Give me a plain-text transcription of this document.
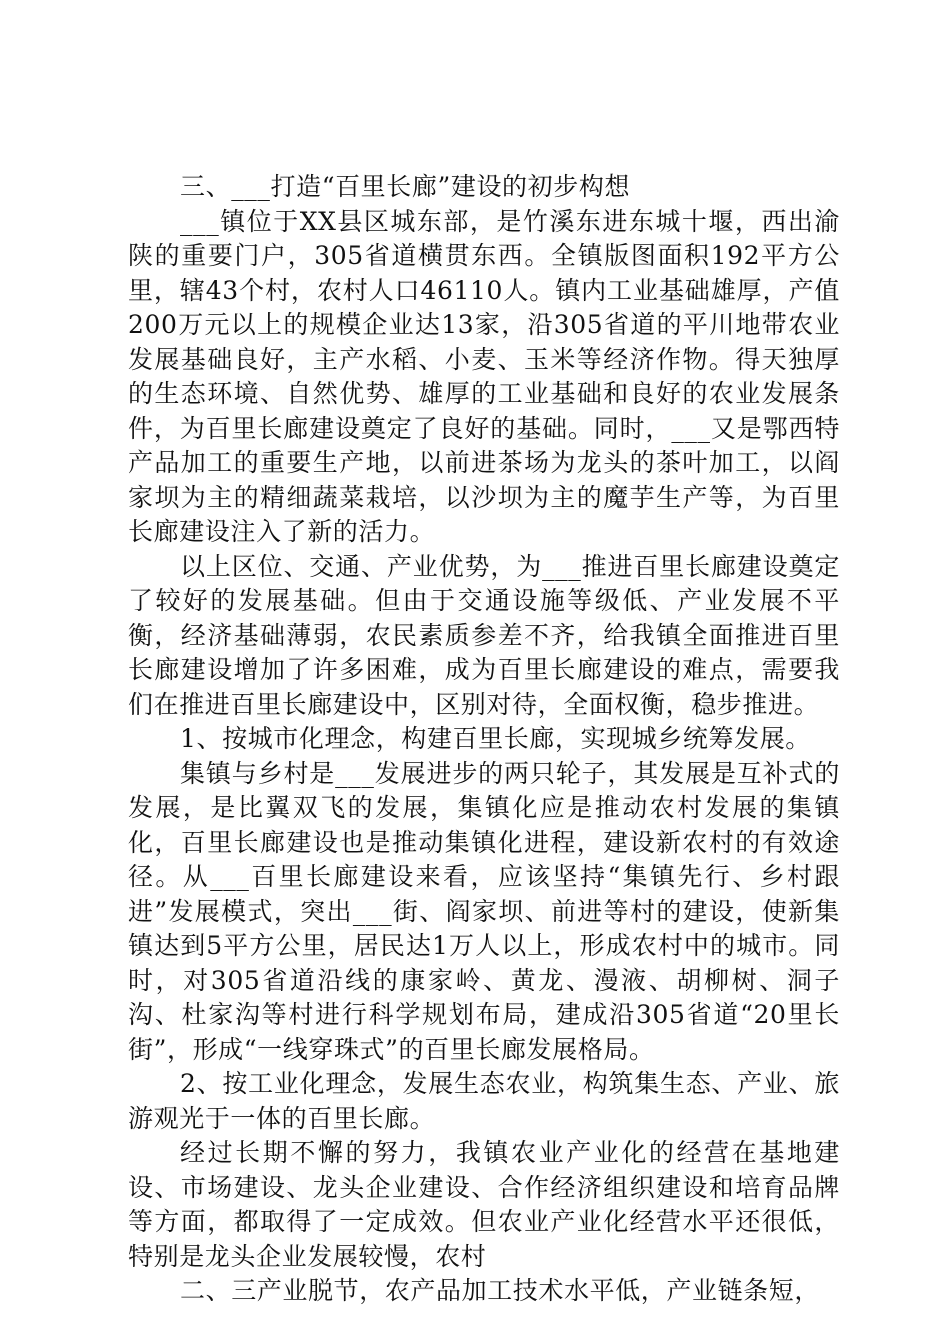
三、___打造“百里长廊”建设的初步构想

___镇位于XX县区城东部，是竹溪东进东城十堰，西出渝陕的重要门户，305省道横贯东西。全镇版图面积192平方公里，辖43个村，农村人口46110人。镇内工业基础雄厚，产值200万元以上的规模企业达13家，沿305省道的平川地带农业发展基础良好，主产水稻、小麦、玉米等经济作物。得天独厚的生态环境、自然优势、雄厚的工业基础和良好的农业发展条件，为百里长廊建设奠定了良好的基础。同时，___又是鄂西特产品加工的重要生产地，以前进茶场为龙头的茶叶加工，以阎家坝为主的精细蔬菜栽培，以沙坝为主的魔芋生产等，为百里长廊建设注入了新的活力。

以上区位、交通、产业优势，为___推进百里长廊建设奠定了较好的发展基础。但由于交通设施等级低、产业发展不平衡，经济基础薄弱，农民素质参差不齐，给我镇全面推进百里长廊建设增加了许多困难，成为百里长廊建设的难点，需要我们在推进百里长廊建设中，区别对待，全面权衡，稳步推进。

1、按城市化理念，构建百里长廊，实现城乡统筹发展。

集镇与乡村是___发展进步的两只轮子，其发展是互补式的发展，是比翼双飞的发展，集镇化应是推动农村发展的集镇化，百里长廊建设也是推动集镇化进程，建设新农村的有效途径。从___百里长廊建设来看，应该坚持“集镇先行、乡村跟进”发展模式，突出___街、阎家坝、前进等村的建设，使新集镇达到5平方公里，居民达1万人以上，形成农村中的城市。同时，对305省道沿线的康家岭、黄龙、漫液、胡柳树、洞子沟、杜家沟等村进行科学规划布局，建成沿305省道“20里长街”，形成“一线穿珠式”的百里长廊发展格局。

2、按工业化理念，发展生态农业，构筑集生态、产业、旅游观光于一体的百里长廊。

经过长期不懈的努力，我镇农业产业化的经营在基地建设、市场建设、龙头企业建设、合作经济组织建设和培育品牌等方面，都取得了一定成效。但农业产业化经营水平还很低，特别是龙头企业发展较慢，农村

二、三产业脱节，农产品加工技术水平低，产业链条短，
